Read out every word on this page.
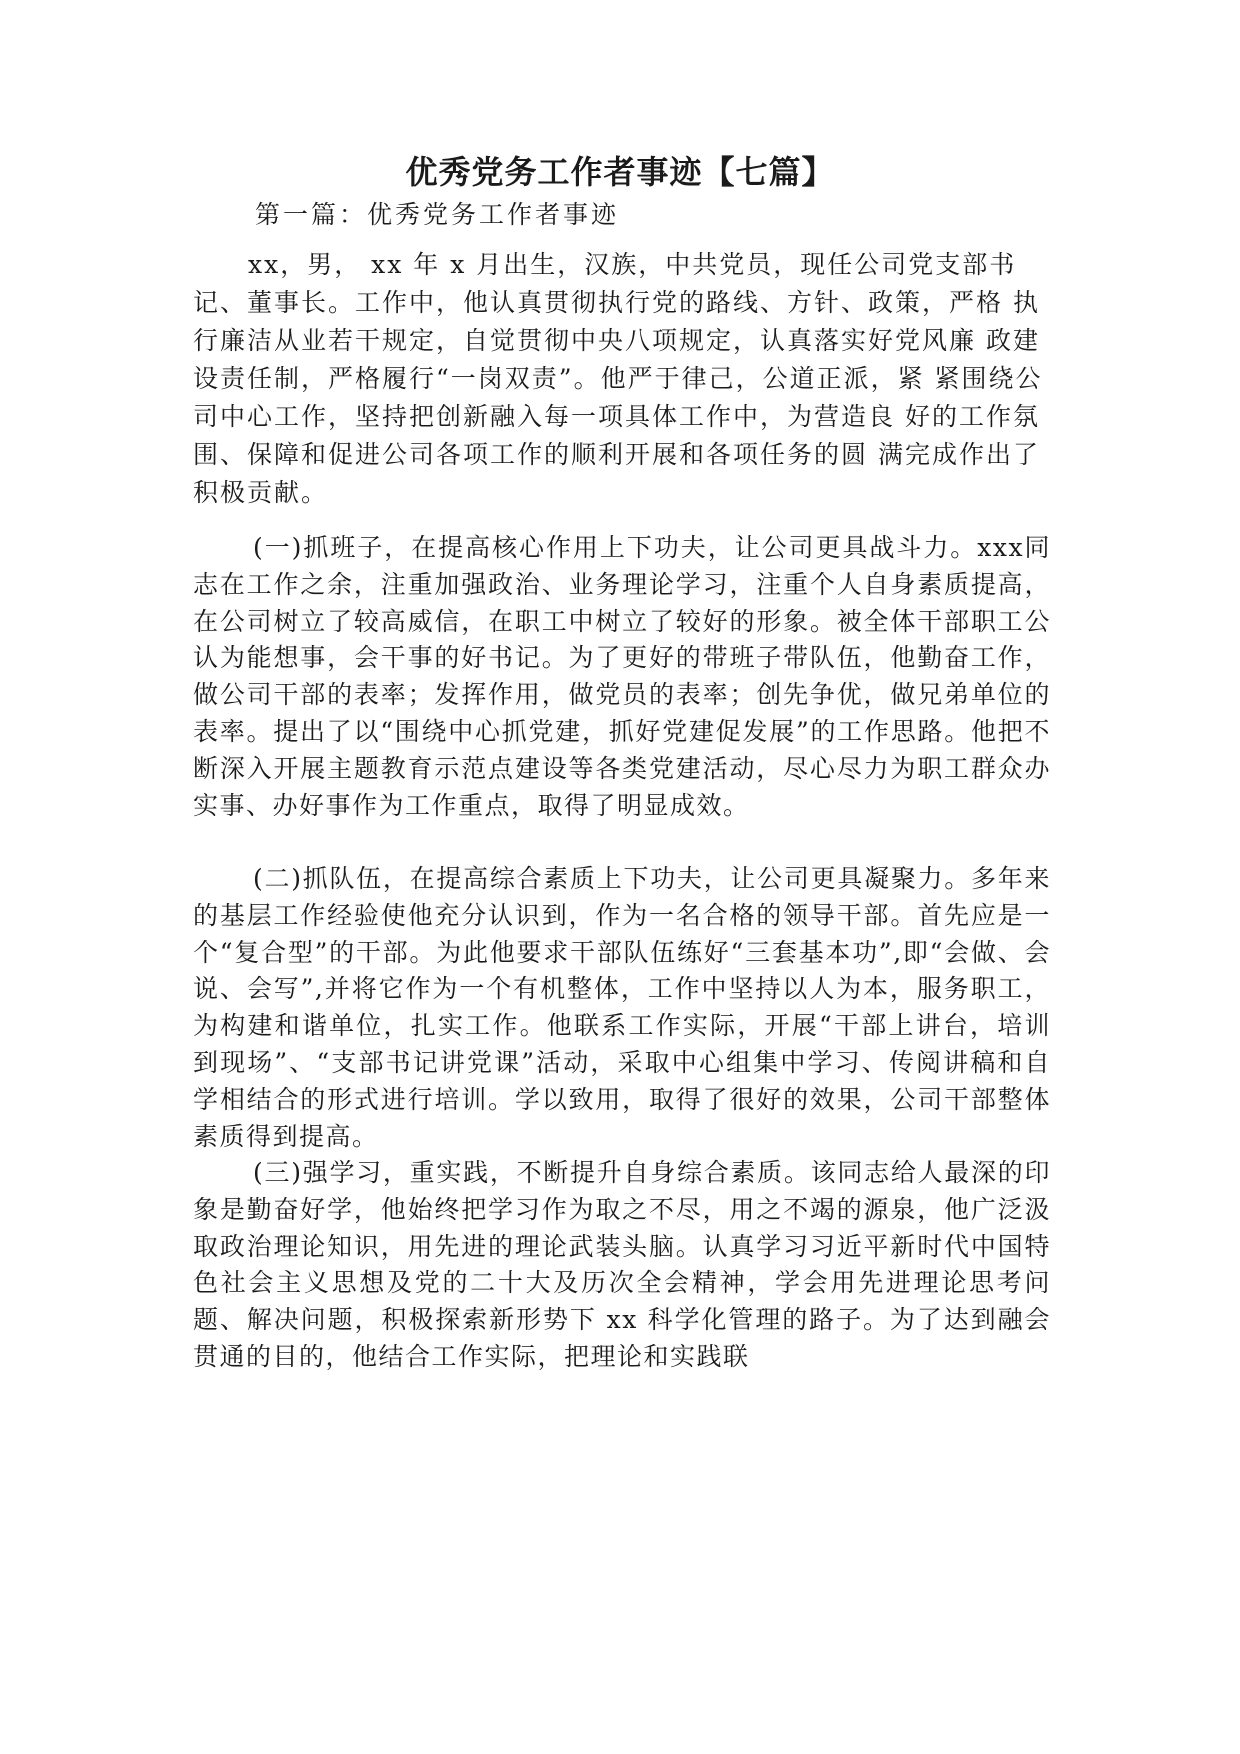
优秀党务工作者事迹【七篇】

第一篇：优秀党务工作者事迹

xx，男， xx 年 x 月出生，汉族，中共党员，现任公司党支部书 记、董事长。工作中，他认真贯彻执行党的路线、方针、政策，严格 执行廉洁从业若干规定，自觉贯彻中央八项规定，认真落实好党风廉 政建设责任制，严格履行“一岗双责”。他严于律己，公道正派，紧 紧围绕公司中心工作，坚持把创新融入每一项具体工作中，为营造良 好的工作氛围、保障和促进公司各项工作的顺利开展和各项任务的圆 满完成作出了积极贡献。

(一)抓班子，在提高核心作用上下功夫，让公司更具战斗力。xxx同志在工作之余，注重加强政治、业务理论学习，注重个人自身素质提高，在公司树立了较高威信，在职工中树立了较好的形象。被全体干部职工公认为能想事，会干事的好书记。为了更好的带班子带队伍，他勤奋工作，做公司干部的表率；发挥作用，做党员的表率；创先争优，做兄弟单位的表率。提出了以“围绕中心抓党建，抓好党建促发展”的工作思路。他把不断深入开展主题教育示范点建设等各类党建活动，尽心尽力为职工群众办实事、办好事作为工作重点，取得了明显成效。

(二)抓队伍，在提高综合素质上下功夫，让公司更具凝聚力。多年来的基层工作经验使他充分认识到，作为一名合格的领导干部。首先应是一个“复合型”的干部。为此他要求干部队伍练好“三套基本功”,即“会做、会说、会写”,并将它作为一个有机整体，工作中坚持以人为本，服务职工，为构建和谐单位，扎实工作。他联系工作实际，开展“干部上讲台，培训到现场”、“支部书记讲党课”活动，采取中心组集中学习、传阅讲稿和自学相结合的形式进行培训。学以致用，取得了很好的效果，公司干部整体素质得到提高。

(三)强学习，重实践，不断提升自身综合素质。该同志给人最深的印象是勤奋好学，他始终把学习作为取之不尽，用之不竭的源泉，他广泛汲取政治理论知识，用先进的理论武装头脑。认真学习习近平新时代中国特色社会主义思想及党的二十大及历次全会精神，学会用先进理论思考问题、解决问题，积极探索新形势下 xx 科学化管理的路子。为了达到融会贯通的目的，他结合工作实际，把理论和实践联
